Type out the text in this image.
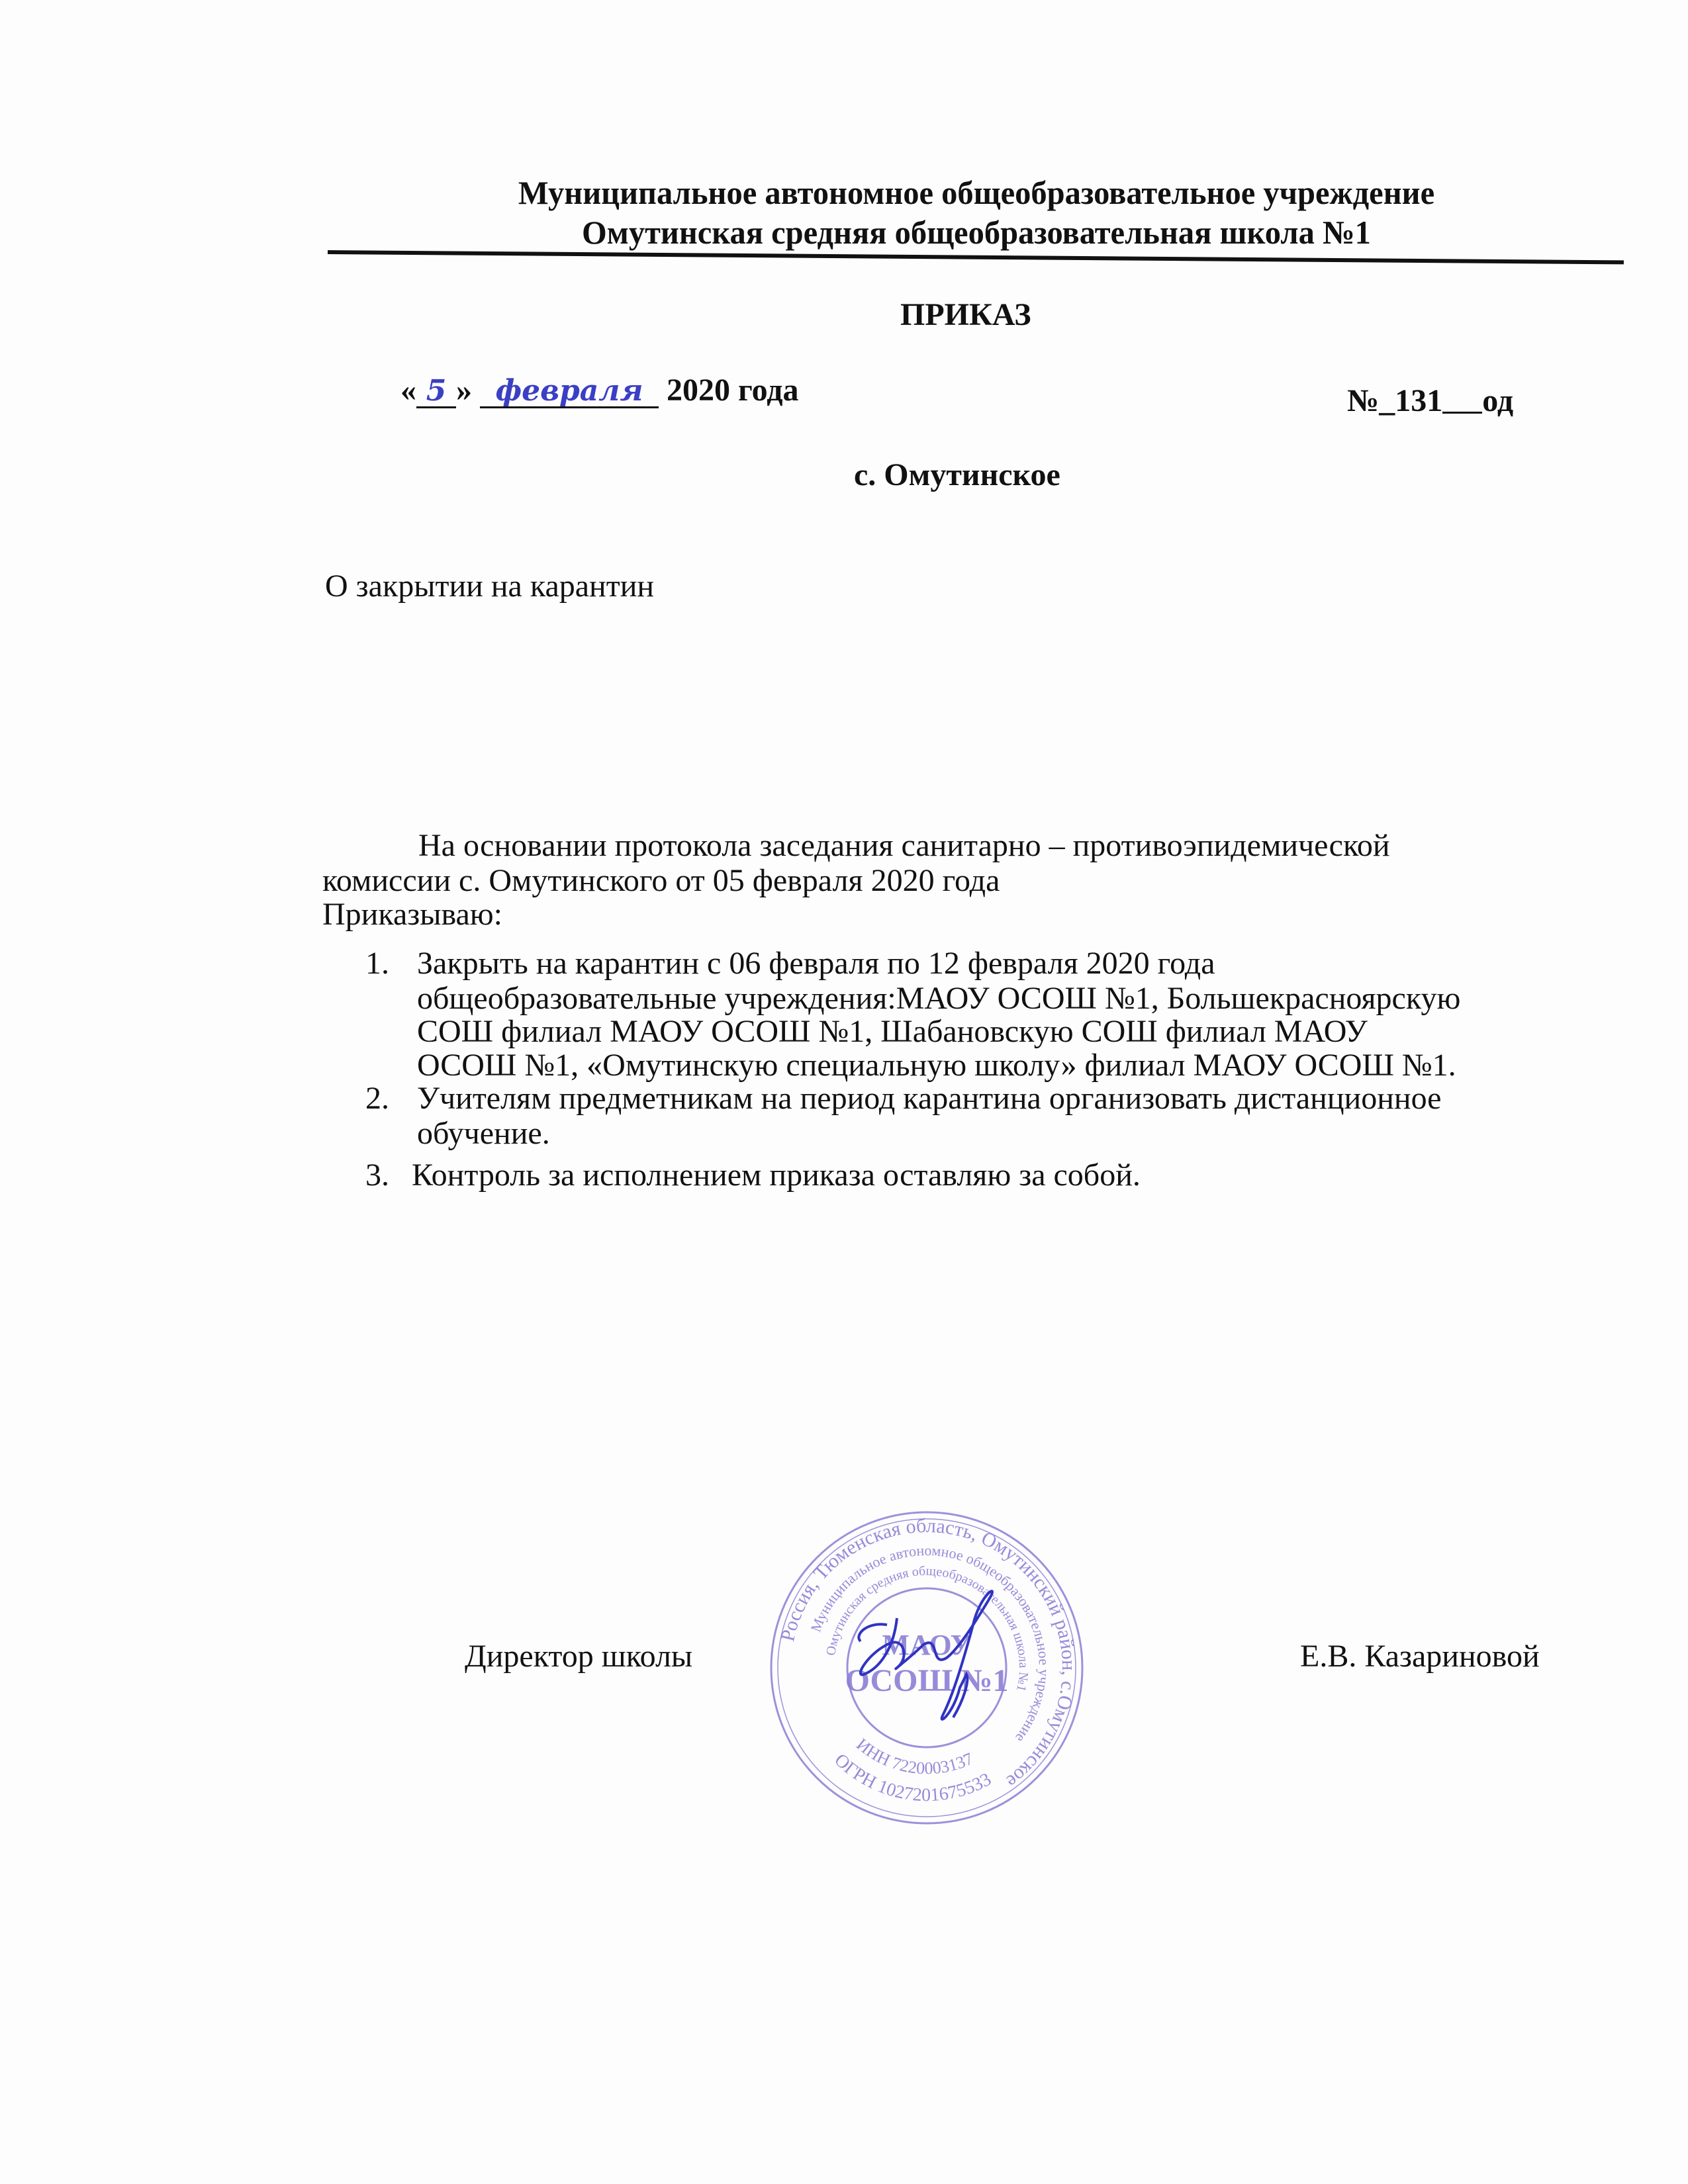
Муниципальное автономное общеобразовательное учреждение
Омутинская средняя общеобразовательная школа №1
ПРИКАЗ
« 5 » февраля 2020 года	№_131 од
с. Омутинское
О закрытии на карантин
На основании протокола заседания санитарно – противоэпидемической
комиссии с. Омутинского от 05 февраля 2020 года
Приказываю:
1. Закрыть на карантин с 06 февраля по 12 февраля 2020 года
общеобразовательные учреждения:МАОУ ОСОШ №1, Большекрасноярскую
СОШ филиал МАОУ ОСОШ №1, Шабановскую СОШ филиал МАОУ
ОСОШ №1, «Омутинскую специальную школу» филиал МАОУ ОСОШ №1.
2. Учителям предметникам на период карантина организовать дистанционное
обучение.
3. Контроль за исполнением приказа оставляю за собой.
Директор школы	Е.В. Казариновой
Россия, Тюменская область, Омутинский район, с.Омутинское
Муниципальное автономное общеобразовательное учреждение
Омутинская средняя общеобразовательная школа №1
ОГРН 1027201675533
ИНН 7220003137
МАОУ
ОСОШ №1
